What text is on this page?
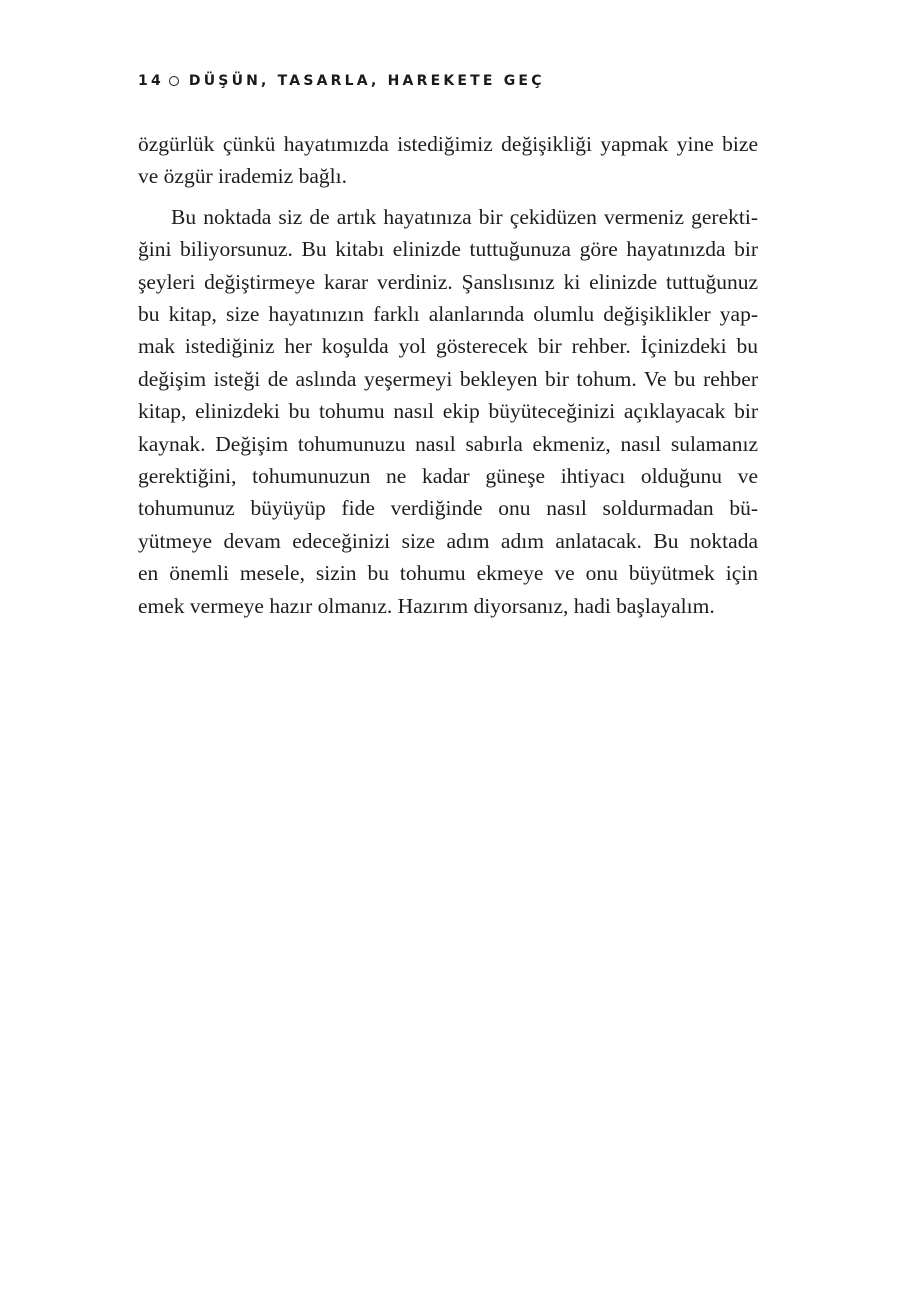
14 DÜŞÜN, TASARLA, HAREKETE GEÇ
özgürlük çünkü hayatımızda istediğimiz değişikliği yapmak yine bize
ve özgür irademiz bağlı.
Bu noktada siz de artık hayatınıza bir çekidüzen vermeniz gerekti-
ğini biliyorsunuz. Bu kitabı elinizde tuttuğunuza göre hayatınızda bir
şeyleri değiştirmeye karar verdiniz. Şanslısınız ki elinizde tuttuğunuz
bu kitap, size hayatınızın farklı alanlarında olumlu değişiklikler yap-
mak istediğiniz her koşulda yol gösterecek bir rehber. İçinizdeki bu
değişim isteği de aslında yeşermeyi bekleyen bir tohum. Ve bu rehber
kitap, elinizdeki bu tohumu nasıl ekip büyüteceğinizi açıklayacak bir
kaynak. Değişim tohumunuzu nasıl sabırla ekmeniz, nasıl sulamanız
gerektiğini, tohumunuzun ne kadar güneşe ihtiyacı olduğunu ve
tohumunuz büyüyüp fide verdiğinde onu nasıl soldurmadan bü-
yütmeye devam edeceğinizi size adım adım anlatacak. Bu noktada
en önemli mesele, sizin bu tohumu ekmeye ve onu büyütmek için
emek vermeye hazır olmanız. Hazırım diyorsanız, hadi başlayalım.
